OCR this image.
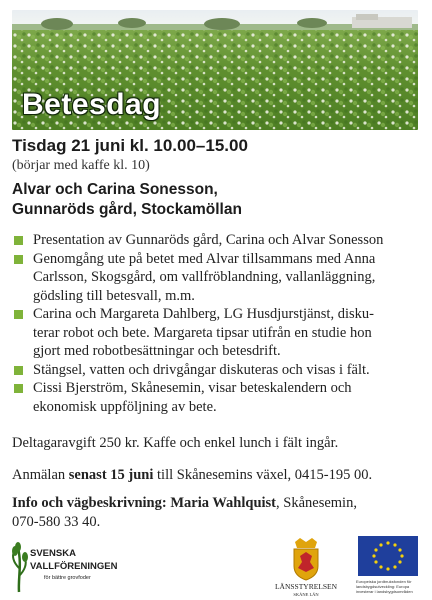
Betesdag
Tisdag 21 juni kl. 10.00–15.00
(börjar med kaffe kl. 10)
Alvar och Carina Sonesson,
Gunnaröds gård, Stockamöllan
Presentation av Gunnaröds gård, Carina och Alvar Sonesson
Genomgång ute på betet med Alvar tillsammans med Anna
Carlsson, Skogsgård, om vallfröblandning, vallanläggning,
gödsling till betesvall, m.m.
Carina och Margareta Dahlberg, LG Husdjurstjänst, disku-
terar robot och bete. Margareta tipsar utifrån en studie hon
gjort med robotbesättningar och betesdrift.
Stängsel, vatten och drivgångar diskuteras och visas i fält.
Cissi Bjerström, Skånesemin, visar beteskalendern och
ekonomisk uppföljning av bete.
Deltagaravgift 250 kr. Kaffe och enkel lunch i fält ingår.
Anmälan senast 15 juni till Skånesemins växel, 0415-195 00.
Info och vägbeskrivning: Maria Wahlquist, Skånesemin,
070-580 33 40.
SVENSKA
VALLFÖRENINGEN
för bättre grovfoder
LÄNSSTYRELSEN
SKÅNE LÄN
Europeiska jordbruksfonden för
landsbygdsutveckling: Europa
investerar i landsbygdsområden
